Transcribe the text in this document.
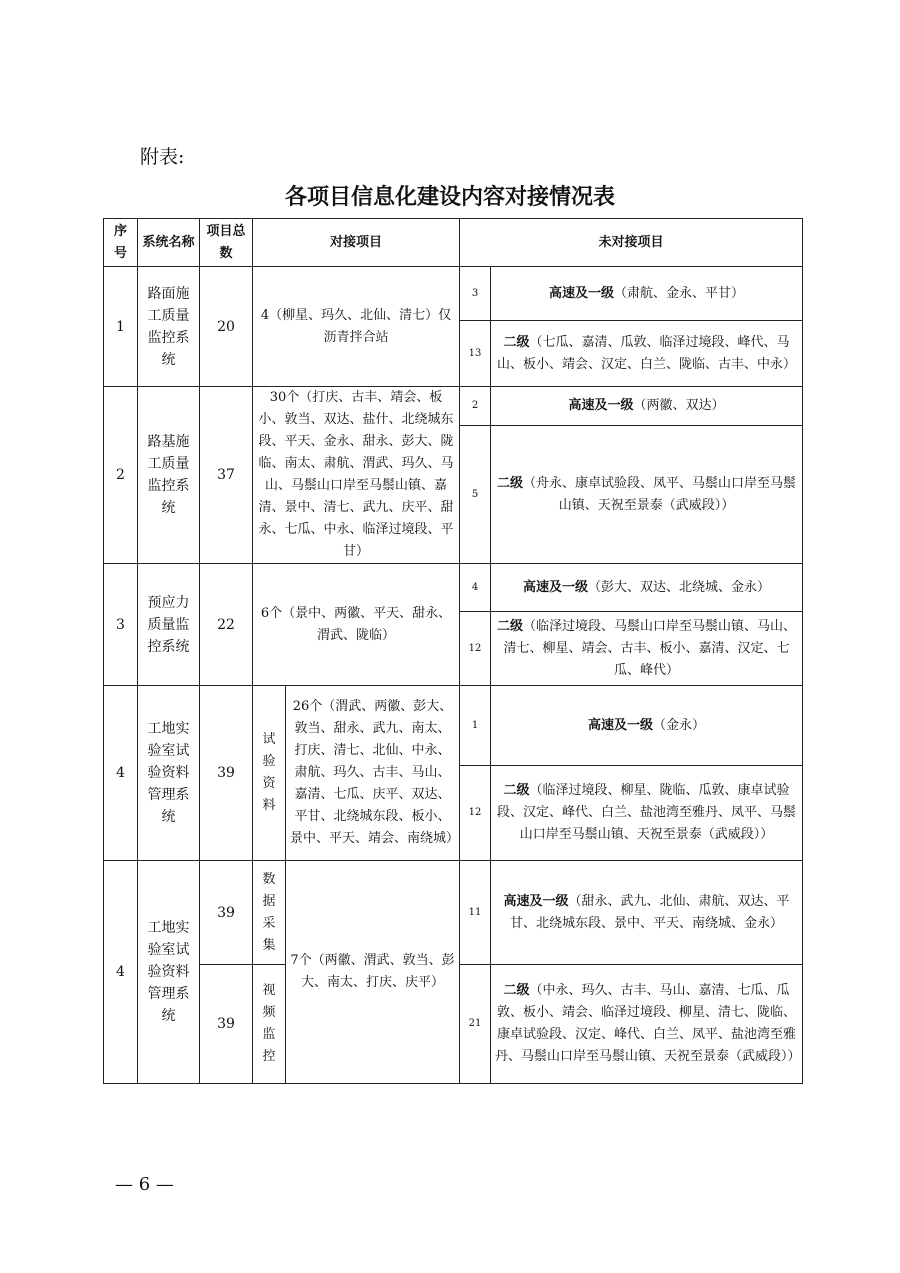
附表:
各项目信息化建设内容对接情况表
序号	系统名称	项目总数	对接项目		未对接项目	
1	路面施工质量监控系统	20	4（柳星、玛久、北仙、清七）仅沥青拌合站		3	高速及一级（肃航、金永、平甘）
					13	二级（七瓜、嘉清、瓜敦、临泽过境段、峰代、马山、板小、靖会、汉定、白兰、陇临、古丰、中永）
2	路基施工质量监控系统	37	30个（打庆、古丰、靖会、板小、敦当、双达、盐什、北绕城东段、平天、金永、甜永、彭大、陇临、南太、肃航、渭武、玛久、马山、马鬃山口岸至马鬃山镇、嘉清、景中、清七、武九、庆平、甜永、七瓜、中永、临泽过境段、平甘）		2	高速及一级（两徽、双达）
					5	二级（舟永、康卓试验段、凤平、马鬃山口岸至马鬃山镇、天祝至景泰（武威段））
3	预应力质量监控系统	22	6个（景中、两徽、平天、甜永、渭武、陇临）		4	高速及一级（彭大、双达、北绕城、金永）
					12	二级（临泽过境段、马鬃山口岸至马鬃山镇、马山、清七、柳星、靖会、古丰、板小、嘉清、汉定、七瓜、峰代）
4	工地实验室试验资料管理系统	39	试验资料	26个（渭武、两徽、彭大、敦当、甜永、武九、南太、打庆、清七、北仙、中永、肃航、玛久、古丰、马山、嘉清、七瓜、庆平、双达、平甘、北绕城东段、板小、景中、平天、靖会、南绕城）	1	高速及一级（金永）
					12	二级（临泽过境段、柳星、陇临、瓜敦、康卓试验段、汉定、峰代、白兰、盐池湾至雅丹、凤平、马鬃山口岸至马鬃山镇、天祝至景泰（武威段））
4	工地实验室试验资料管理系统	39	数据采集	7个（两徽、渭武、敦当、彭大、南太、打庆、庆平）	11	高速及一级（甜永、武九、北仙、肃航、双达、平甘、北绕城东段、景中、平天、南绕城、金永）
		39	视频监控		21	二级（中永、玛久、古丰、马山、嘉清、七瓜、瓜敦、板小、靖会、临泽过境段、柳星、清七、陇临、康卓试验段、汉定、峰代、白兰、凤平、盐池湾至雅丹、马鬃山口岸至马鬃山镇、天祝至景泰（武威段））
— 6 —
